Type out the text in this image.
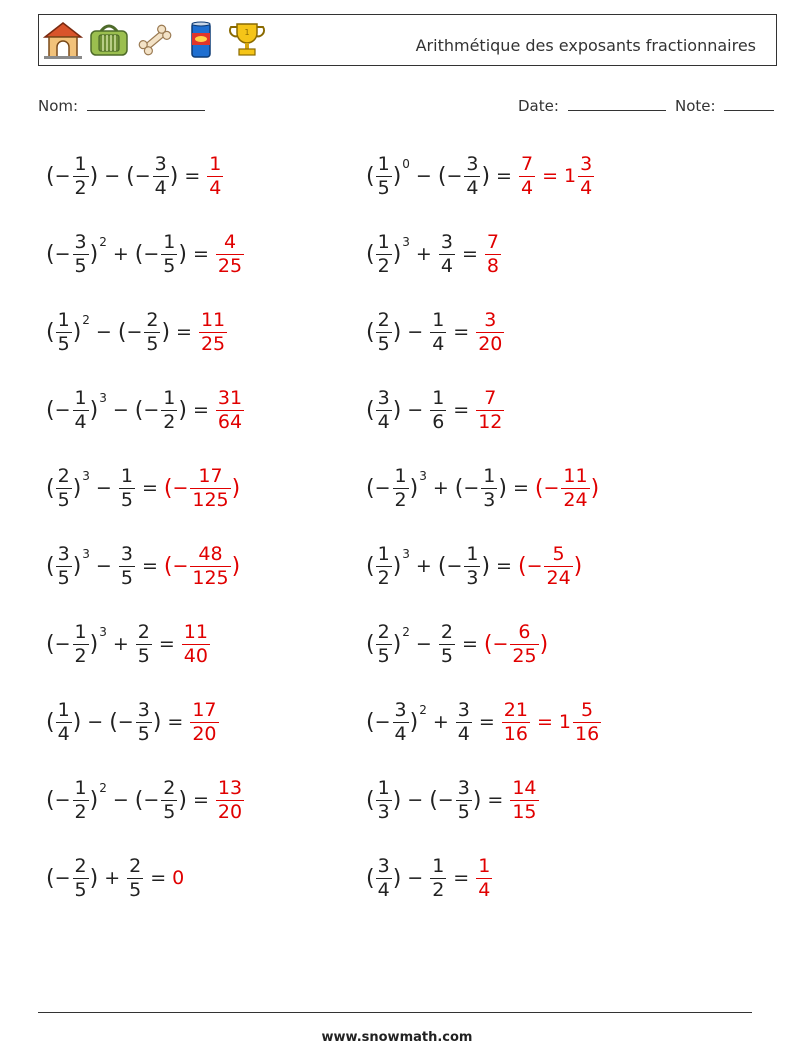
1
Arithmétique des exposants fractionnaires
Nom:	Date:	Note:
( − $\frac{1}{2}$ ) − ( − $\frac{3}{4}$ ) = $\frac{1}{4}$
( − $\frac{3}{5}$ ) 2
+ ( − $\frac{1}{5}$ ) = $\frac{4}{25}$
( $\frac{1}{5}$ ) 2
− ( − $\frac{2}{5}$ ) = $\frac{11}{25}$
( − $\frac{1}{4}$ ) 3
− ( − $\frac{1}{2}$ ) = $\frac{31}{64}$
( $\frac{2}{5}$ ) 3
− $\frac{1}{5}$ = ( − $\frac{17}{125}$ )
( $\frac{3}{5}$ ) 3
− $\frac{3}{5}$ = ( − $\frac{48}{125}$ )
( − $\frac{1}{2}$ ) 3
+ $\frac{2}{5} = \frac{11}{40}$
( $\frac{1}{4}$ ) − ( − $\frac{3}{5}$ ) = $\frac{17}{20}$
( − $\frac{1}{2}$ ) 2
− ( − $\frac{2}{5}$ ) = $\frac{13}{20}$
( − $\frac{2}{5}$ ) + $\frac{2}{5} = 0$
( $\frac{1}{5}$ ) 0
− ( − $\frac{3}{4}$ ) = $\frac{7}{4} = 1 \frac{3}{4}$
( $\frac{1}{2}$ ) 3
+ $\frac{3}{4} = \frac{7}{8}$
( $\frac{2}{5}$ ) − $\frac{1}{4} = \frac{3}{20}$
( $\frac{3}{4}$ ) − $\frac{1}{6} = \frac{7}{12}$
( − $\frac{1}{2}$ ) 3
+ ( − $\frac{1}{3}$ ) = ( − $\frac{11}{24}$ )
( $\frac{1}{2}$ ) 3
+ ( − $\frac{1}{3}$ ) = ( − $\frac{5}{24}$ )
( $\frac{2}{5}$ ) 2
− $\frac{2}{5}$ = ( − $\frac{6}{25}$ )
( − $\frac{3}{4}$ ) 2
+ $\frac{3}{4} = \frac{21}{16} = 1 \frac{5}{16}$
( $\frac{1}{3}$ ) − ( − $\frac{3}{5}$ ) = $\frac{14}{15}$
( $\frac{3}{4}$ ) − $\frac{1}{2} = \frac{1}{4}$
www.snowmath.com
